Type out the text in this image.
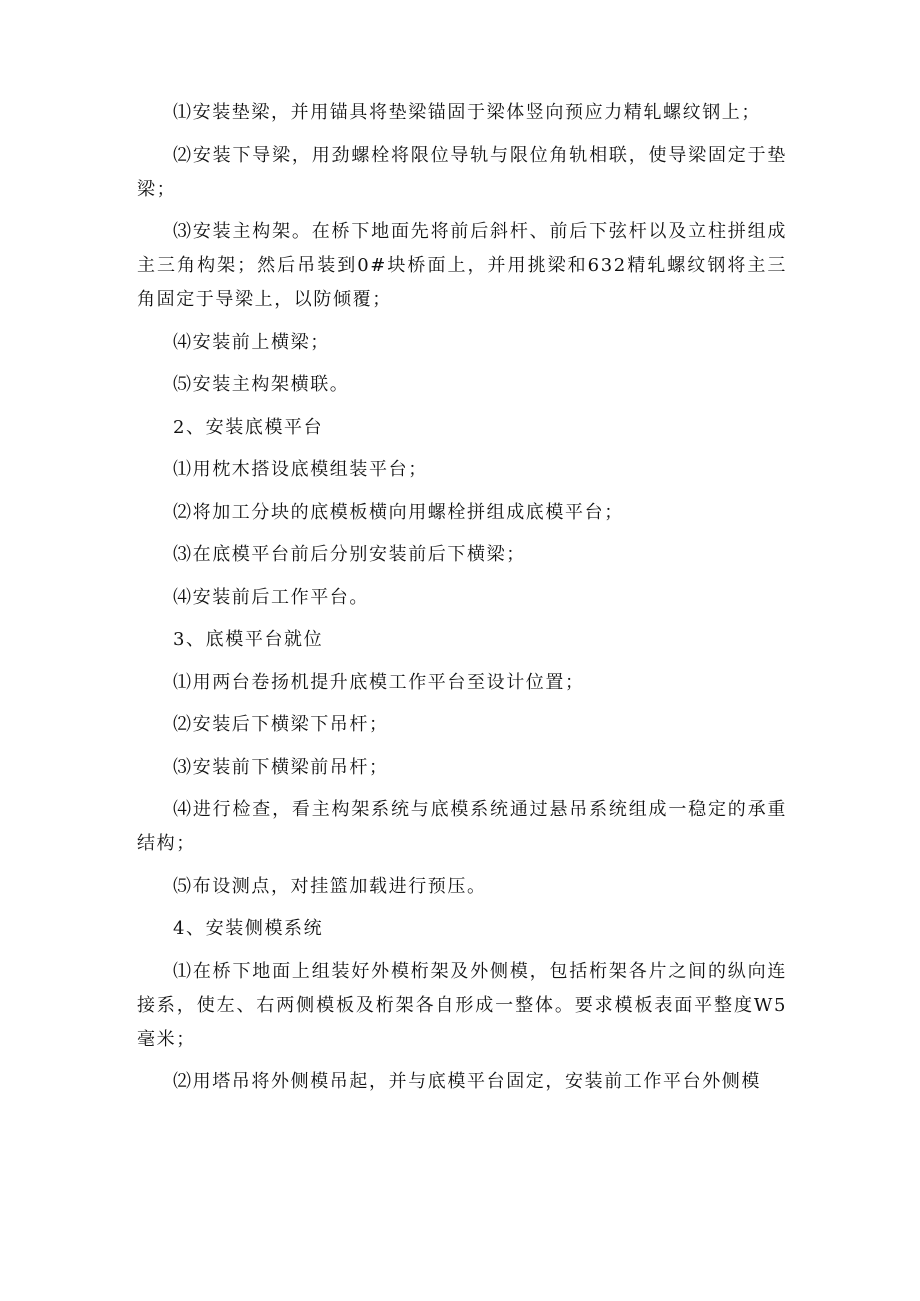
⑴安装垫梁，并用锚具将垫梁锚固于梁体竖向预应力精轧螺纹钢上；

⑵安装下导梁，用劲螺栓将限位导轨与限位角轨相联，使导梁固定于垫梁；

⑶安装主构架。在桥下地面先将前后斜杆、前后下弦杆以及立柱拼组成主三角构架；然后吊装到0#块桥面上，并用挑梁和632精轧螺纹钢将主三角固定于导梁上，以防倾覆；

⑷安装前上横梁；

⑸安装主构架横联。

2、安装底模平台

⑴用枕木搭设底模组装平台；

⑵将加工分块的底模板横向用螺栓拼组成底模平台；

⑶在底模平台前后分别安装前后下横梁；

⑷安装前后工作平台。

3、底模平台就位

⑴用两台卷扬机提升底模工作平台至设计位置；

⑵安装后下横梁下吊杆；

⑶安装前下横梁前吊杆；

⑷进行检查，看主构架系统与底模系统通过悬吊系统组成一稳定的承重结构；

⑸布设测点，对挂篮加载进行预压。

4、安装侧模系统

⑴在桥下地面上组装好外模桁架及外侧模，包括桁架各片之间的纵向连接系，使左、右两侧模板及桁架各自形成一整体。要求模板表面平整度W5毫米；

⑵用塔吊将外侧模吊起，并与底模平台固定，安装前工作平台外侧模
